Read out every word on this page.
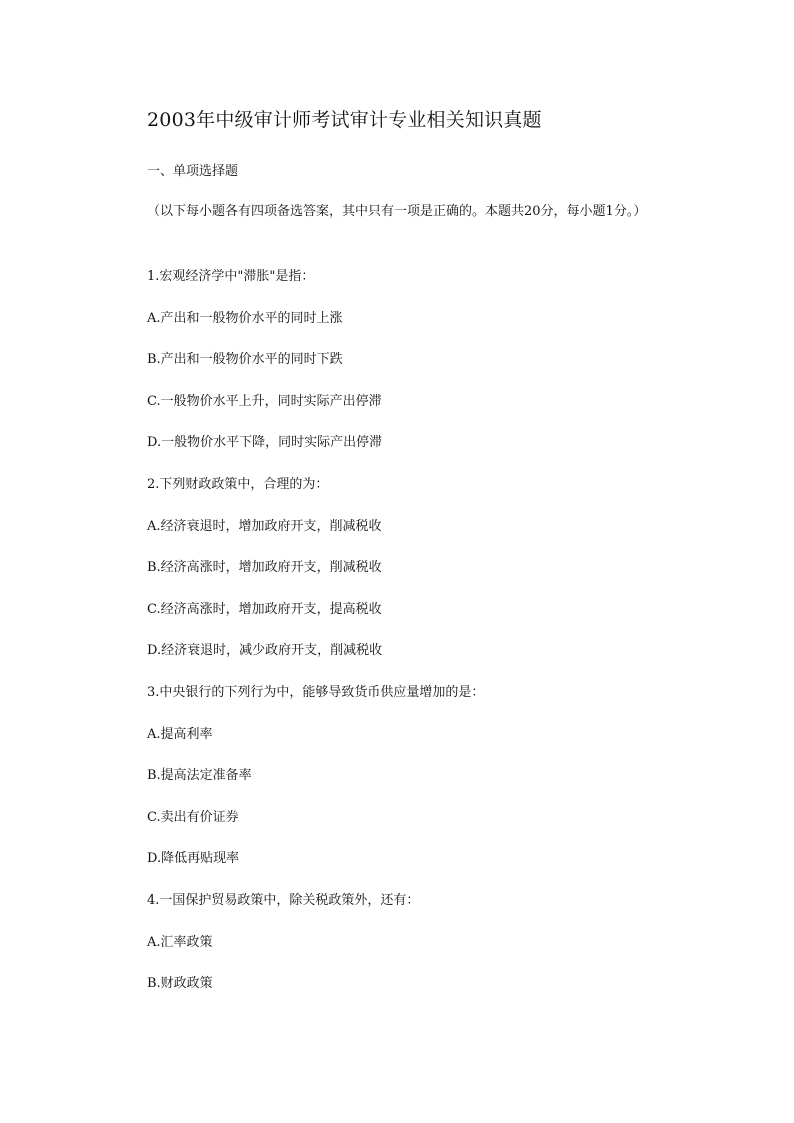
2003年中级审计师考试审计专业相关知识真题
一、单项选择题
（以下每小题各有四项备选答案，其中只有一项是正确的。本题共20分，每小题1分。）
1.宏观经济学中"滞胀"是指：
A.产出和一般物价水平的同时上涨
B.产出和一般物价水平的同时下跌
C.一般物价水平上升，同时实际产出停滞
D.一般物价水平下降，同时实际产出停滞
2.下列财政政策中，合理的为：
A.经济衰退时，增加政府开支，削减税收
B.经济高涨时，增加政府开支，削减税收
C.经济高涨时，增加政府开支，提高税收
D.经济衰退时，减少政府开支，削减税收
3.中央银行的下列行为中，能够导致货币供应量增加的是：
A.提高利率
B.提高法定准备率
C.卖出有价证券
D.降低再贴现率
4.一国保护贸易政策中，除关税政策外，还有：
A.汇率政策
B.财政政策
